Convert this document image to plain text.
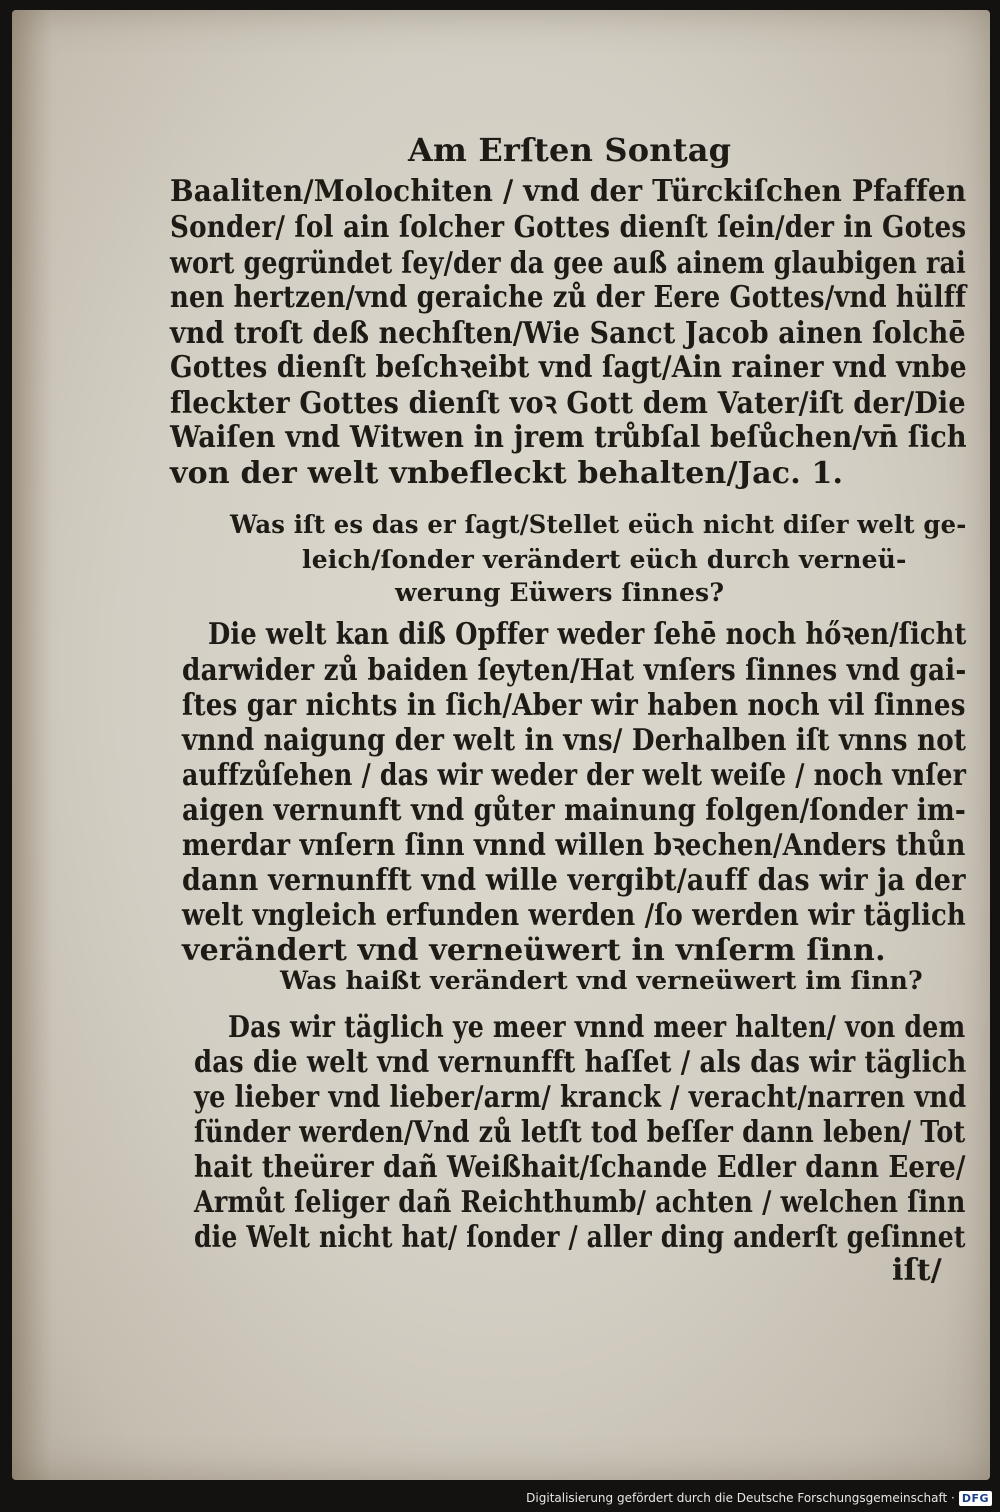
Am Erſten Sontag
Baaliten/Molochiten / vnd der Türckiſchen Pfaffen
Sonder/ ſol ain ſolcher Gottes dienſt ſein/der in Gotes
wort gegründet ſey/der da gee auß ainem glaubigen rai
nen hertzen/vnd geraiche zů der Eere Gottes/vnd hülff
vnd troſt deß nechſten/Wie Sanct Jacob ainen ſolchē
Gottes dienſt beſchꝛeibt vnd ſagt/Ain rainer vnd vnbe
fleckter Gottes dienſt voꝛ Gott dem Vater/iſt der/Die
Waiſen vnd Witwen in jrem trůbſal beſůchen/vn̄ ſich
von der welt vnbefleckt behalten/Jac. 1.
Was iſt es das er ſagt/Stellet eüch nicht diſer welt ge-
leich/ſonder verändert eüch durch verneü-
werung Eüwers ſinnes?
Die welt kan diß Opffer weder ſehē noch hőꝛen/ſicht
darwider zů baiden ſeyten/Hat vnſers ſinnes vnd gai-
ſtes gar nichts in ſich/Aber wir haben noch vil ſinnes
vnnd naigung der welt in vns/ Derhalben iſt vnns not
auffzůſehen / das wir weder der welt weiſe / noch vnſer
aigen vernunft vnd gůter mainung folgen/ſonder im-
merdar vnſern ſinn vnnd willen bꝛechen/Anders thůn
dann vernunfft vnd wille vergibt/auff das wir ja der
welt vngleich erfunden werden /ſo werden wir täglich
verändert vnd verneüwert in vnſerm ſinn.
Was haißt verändert vnd verneüwert im ſinn?
Das wir täglich ye meer vnnd meer halten/ von dem
das die welt vnd vernunfft haſſet / als das wir täglich
ye lieber vnd lieber/arm/ kranck / veracht/narren vnd
ſünder werden/Vnd zů letſt tod beſſer dann leben/ Tot
hait theürer dañ Weißhait/ſchande Edler dann Eere/
Armůt ſeliger dañ Reichthumb/ achten / welchen ſinn
die Welt nicht hat/ ſonder / aller ding anderſt geſinnet
iſt/
Digitalisierung gefördert durch die Deutsche Forschungsgemeinschaft · DFG
